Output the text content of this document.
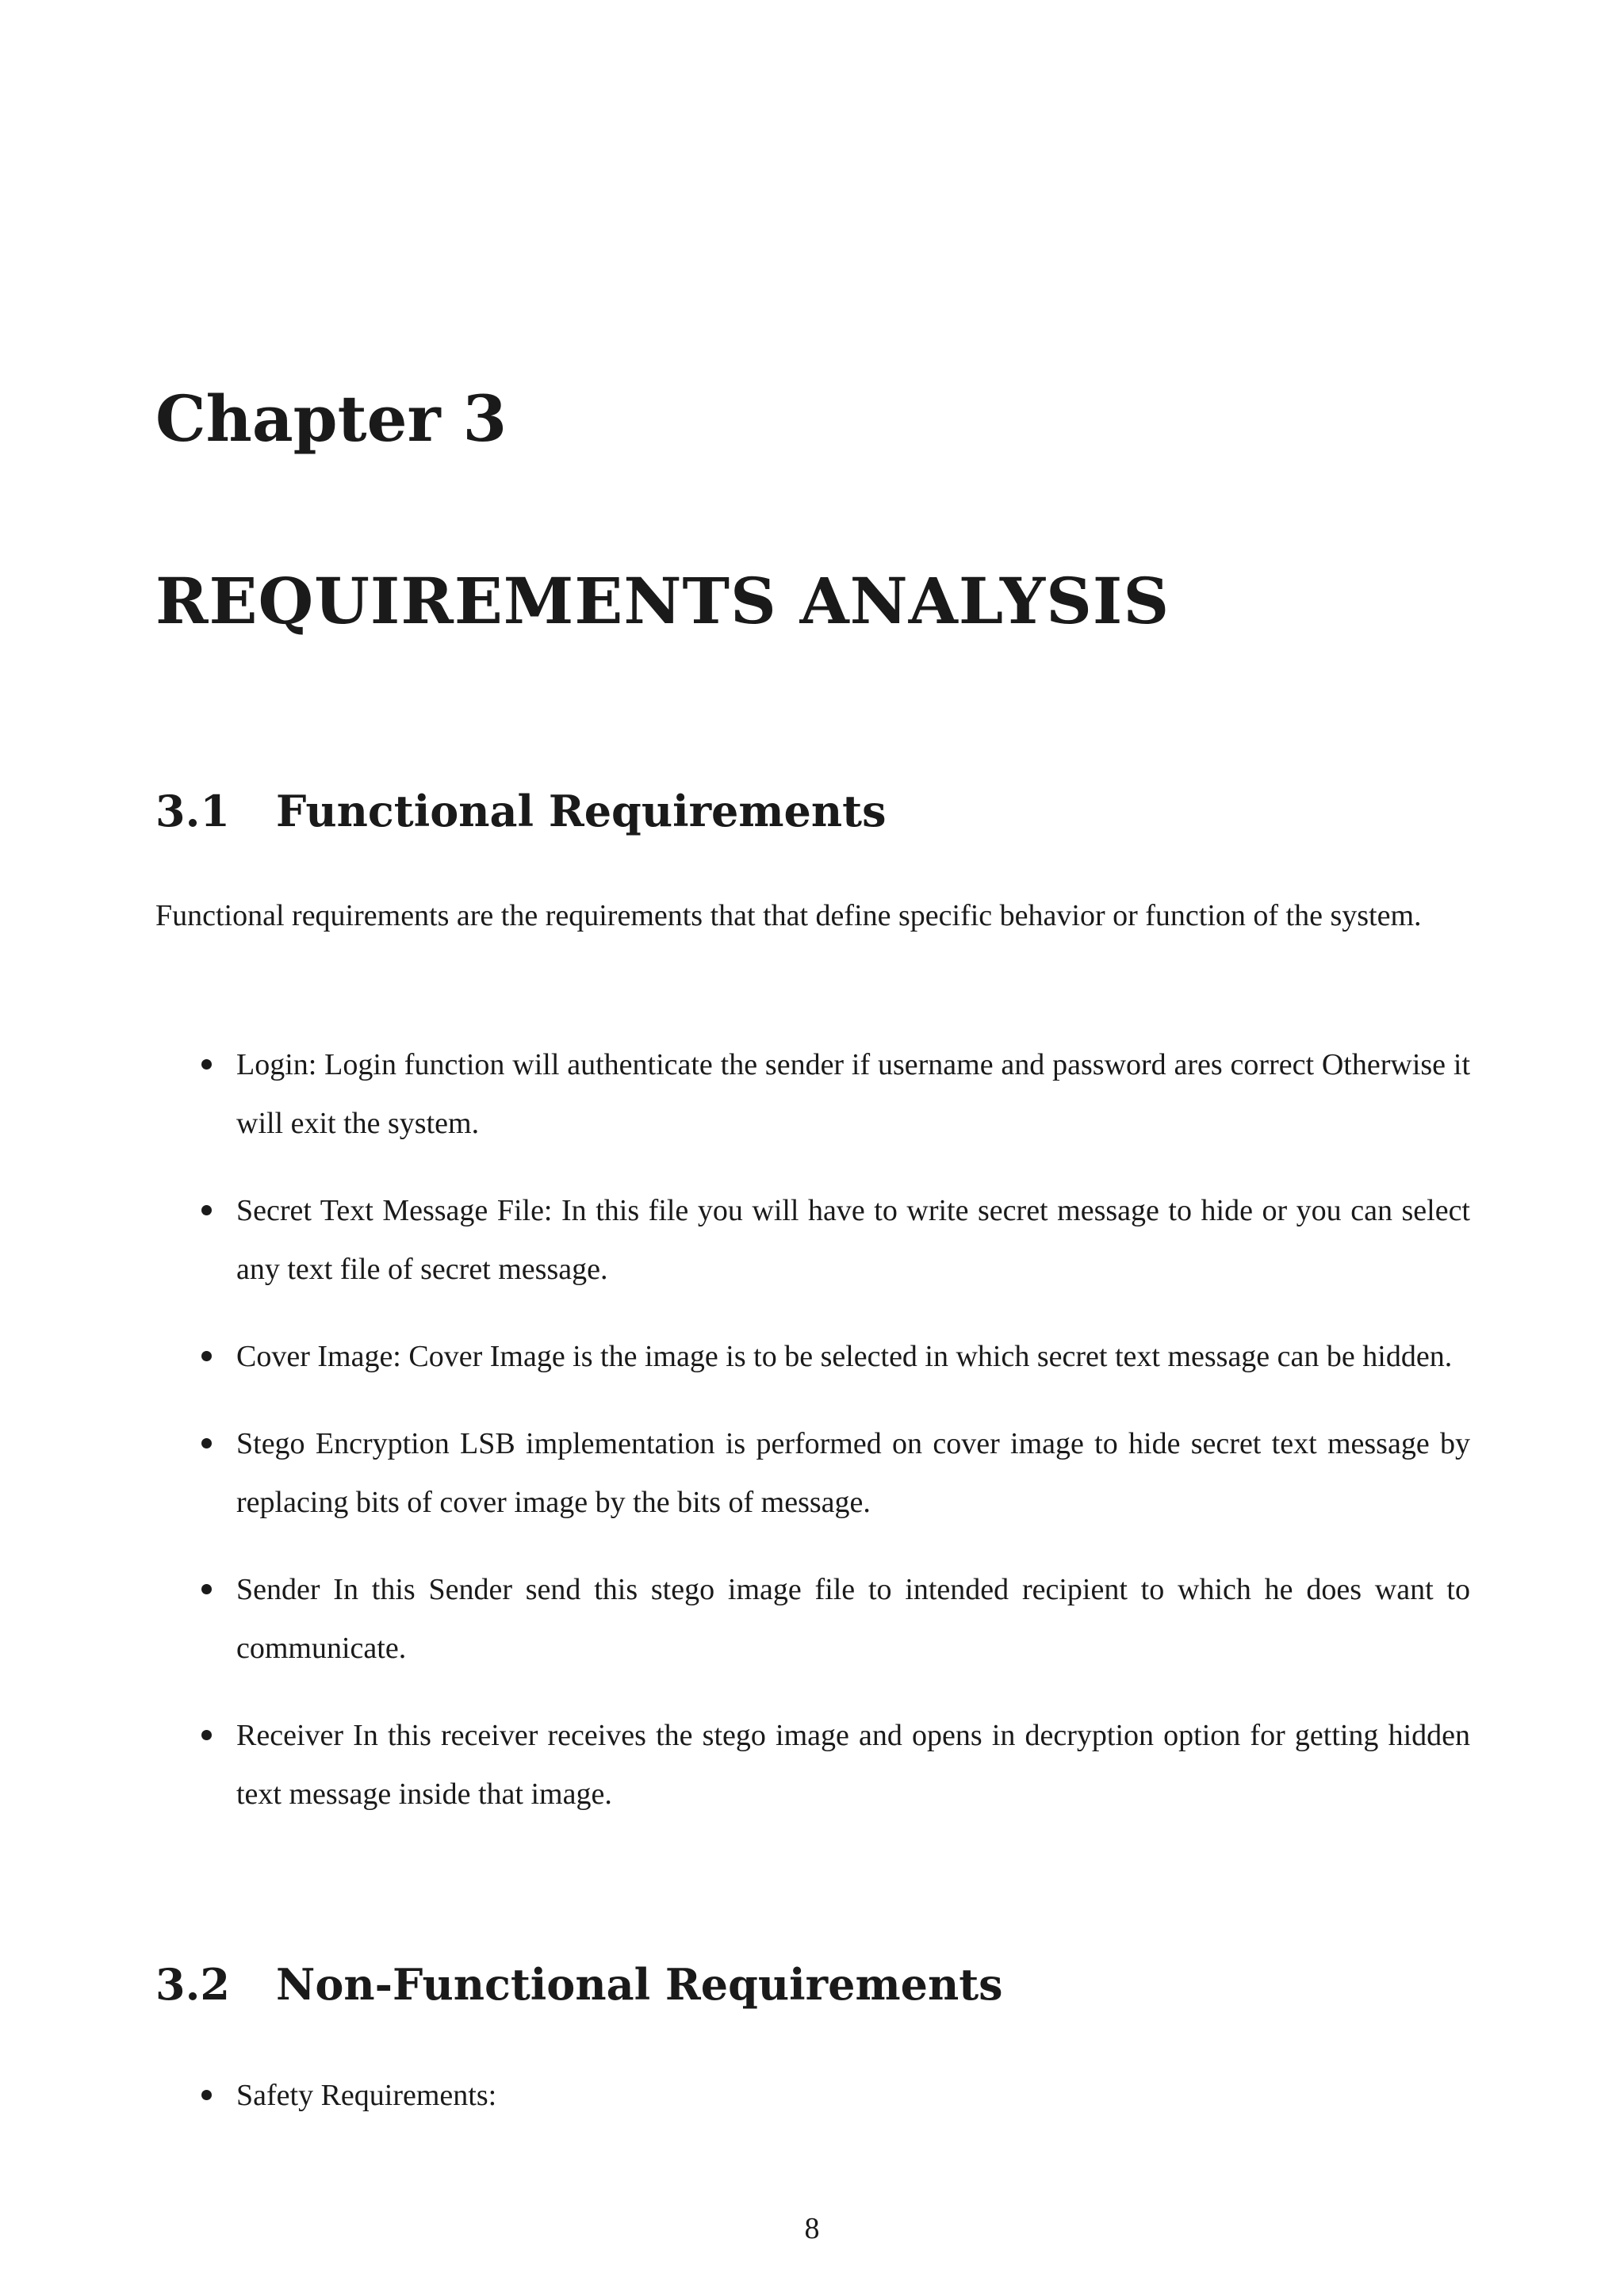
Chapter 3
REQUIREMENTS ANALYSIS
3.1 Functional Requirements

Functional requirements are the requirements that that define specific behavior or function of the system.

Login: Login function will authenticate the sender if username and password ares correct Otherwise it will exit the system.
Secret Text Message File: In this file you will have to write secret message to hide or you can select any text file of secret message.
Cover Image: Cover Image is the image is to be selected in which secret text message can be hidden.
Stego Encryption LSB implementation is performed on cover image to hide secret text message by replacing bits of cover image by the bits of message.
Sender In this Sender send this stego image file to intended recipient to which he does want to communicate.
Receiver In this receiver receives the stego image and opens in decryption option for getting hidden text message inside that image.
3.2 Non-Functional Requirements
Safety Requirements:
8
